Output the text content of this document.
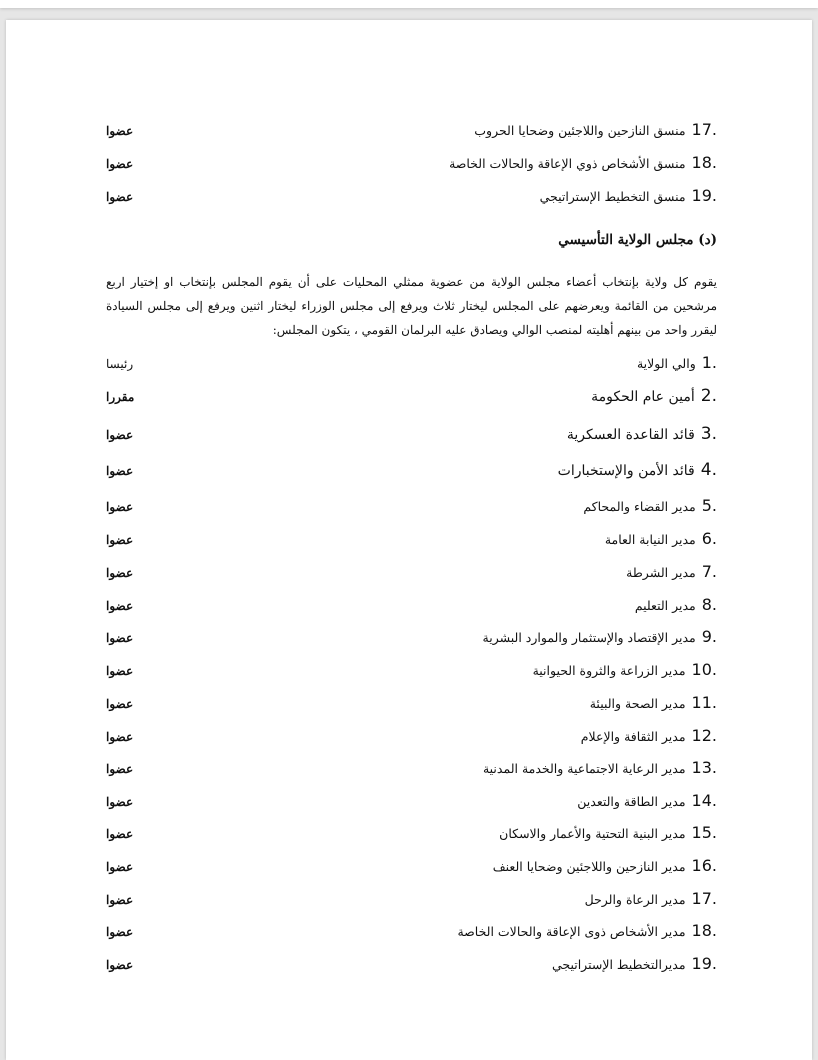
17.
منسق النازحين واللاجئين وضحايا الحروب
عضوا
18.
منسق الأشخاص ذوي الإعاقة والحالات الخاصة
عضوا
19.
منسق التخطيط الإستراتيجي
عضوا
(د) مجلس الولاية التأسيسي
يقوم كل ولاية بإنتخاب أعضاء مجلس الولاية من عضوية ممثلي المحليات على أن يقوم المجلس بإنتخاب او إختيار اربع مرشحين من القائمة ويعرضهم على المجلس ليختار ثلاث ويرفع إلى مجلس الوزراء ليختار اثنين ويرفع إلى مجلس السيادة ليقرر واحد من بينهم أهليته لمنصب الوالي ويصادق عليه البرلمان القومي ، يتكون المجلس:
1.
والي الولاية
رئيسا
2.
أمين عام الحكومة
مقررا
3.
قائد القاعدة العسكرية
عضوا
4.
قائد الأمن والإستخبارات
عضوا
5.
مدير القضاء والمحاكم
عضوا
6.
مدير النيابة العامة
عضوا
7.
مدير الشرطة
عضوا
8.
مدير التعليم
عضوا
9.
مدير الإقتصاد والإستثمار والموارد البشرية
عضوا
10.
مدير الزراعة والثروة الحيوانية
عضوا
11.
مدير الصحة والبيئة
عضوا
12.
مدير الثقافة والإعلام
عضوا
13.
مدير الرعاية الاجتماعية والخدمة المدنية
عضوا
14.
مدير الطاقة والتعدين
عضوا
15.
مدير البنية التحتية والأعمار والاسكان
عضوا
16.
مدير النازحين واللاجئين وضحايا العنف
عضوا
17.
مدير الرعاة والرحل
عضوا
18.
مدير الأشخاص ذوى الإعاقة والحالات الخاصة
عضوا
19.
مديرالتخطيط الإستراتيجي
عضوا
